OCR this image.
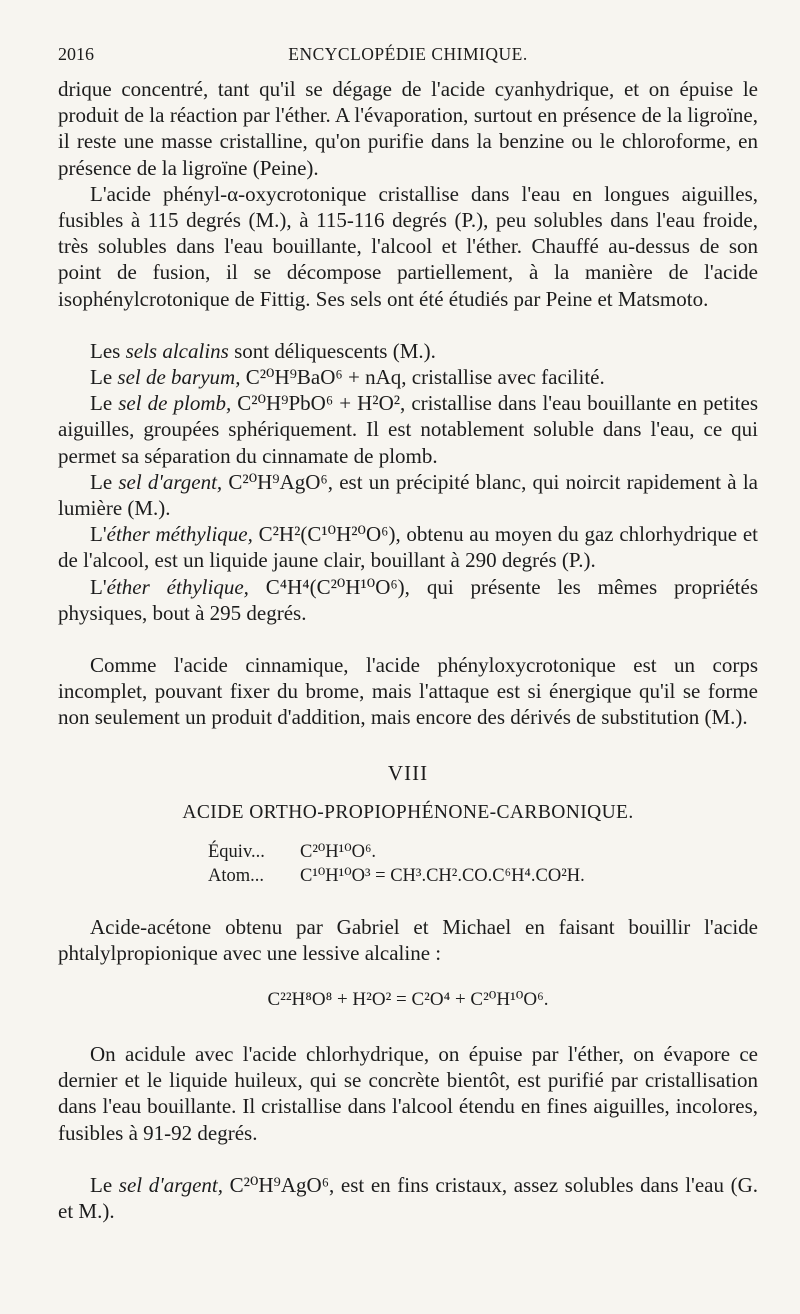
2016	ENCYCLOPÉDIE CHIMIQUE.

drique concentré, tant qu'il se dégage de l'acide cyanhydrique, et on épuise le produit de la réaction par l'éther. A l'évaporation, surtout en présence de la ligroïne, il reste une masse cristalline, qu'on purifie dans la benzine ou le chloroforme, en présence de la ligroïne (Peine).

L'acide phényl-α-oxycrotonique cristallise dans l'eau en longues aiguilles, fusibles à 115 degrés (M.), à 115-116 degrés (P.), peu solubles dans l'eau froide, très solubles dans l'eau bouillante, l'alcool et l'éther. Chauffé au-dessus de son point de fusion, il se décompose partiellement, à la manière de l'acide isophénylcrotonique de Fittig. Ses sels ont été étudiés par Peine et Matsmoto.

Les sels alcalins sont déliquescents (M.).

Le sel de baryum, C²⁰H⁹BaO⁶ + nAq, cristallise avec facilité.

Le sel de plomb, C²⁰H⁹PbO⁶ + H²O², cristallise dans l'eau bouillante en petites aiguilles, groupées sphériquement. Il est notablement soluble dans l'eau, ce qui permet sa séparation du cinnamate de plomb.

Le sel d'argent, C²⁰H⁹AgO⁶, est un précipité blanc, qui noircit rapidement à la lumière (M.).

L'éther méthylique, C²H²(C¹⁰H²⁰O⁶), obtenu au moyen du gaz chlorhydrique et de l'alcool, est un liquide jaune clair, bouillant à 290 degrés (P.).

L'éther éthylique, C⁴H⁴(C²⁰H¹⁰O⁶), qui présente les mêmes propriétés physiques, bout à 295 degrés.

Comme l'acide cinnamique, l'acide phényloxycrotonique est un corps incomplet, pouvant fixer du brome, mais l'attaque est si énergique qu'il se forme non seulement un produit d'addition, mais encore des dérivés de substitution (M.).

VIII
ACIDE ORTHO-PROPIOPHÉNONE-CARBONIQUE.
Équiv... C²⁰H¹⁰O⁶.
Atom... C¹⁰H¹⁰O³ = CH³.CH².CO.C⁶H⁴.CO²H.

Acide-acétone obtenu par Gabriel et Michael en faisant bouillir l'acide phtalylpropionique avec une lessive alcaline :

C²²H⁸O⁸ + H²O² = C²O⁴ + C²⁰H¹⁰O⁶.

On acidule avec l'acide chlorhydrique, on épuise par l'éther, on évapore ce dernier et le liquide huileux, qui se concrète bientôt, est purifié par cristallisation dans l'eau bouillante. Il cristallise dans l'alcool étendu en fines aiguilles, incolores, fusibles à 91-92 degrés.

Le sel d'argent, C²⁰H⁹AgO⁶, est en fins cristaux, assez solubles dans l'eau (G. et M.).
